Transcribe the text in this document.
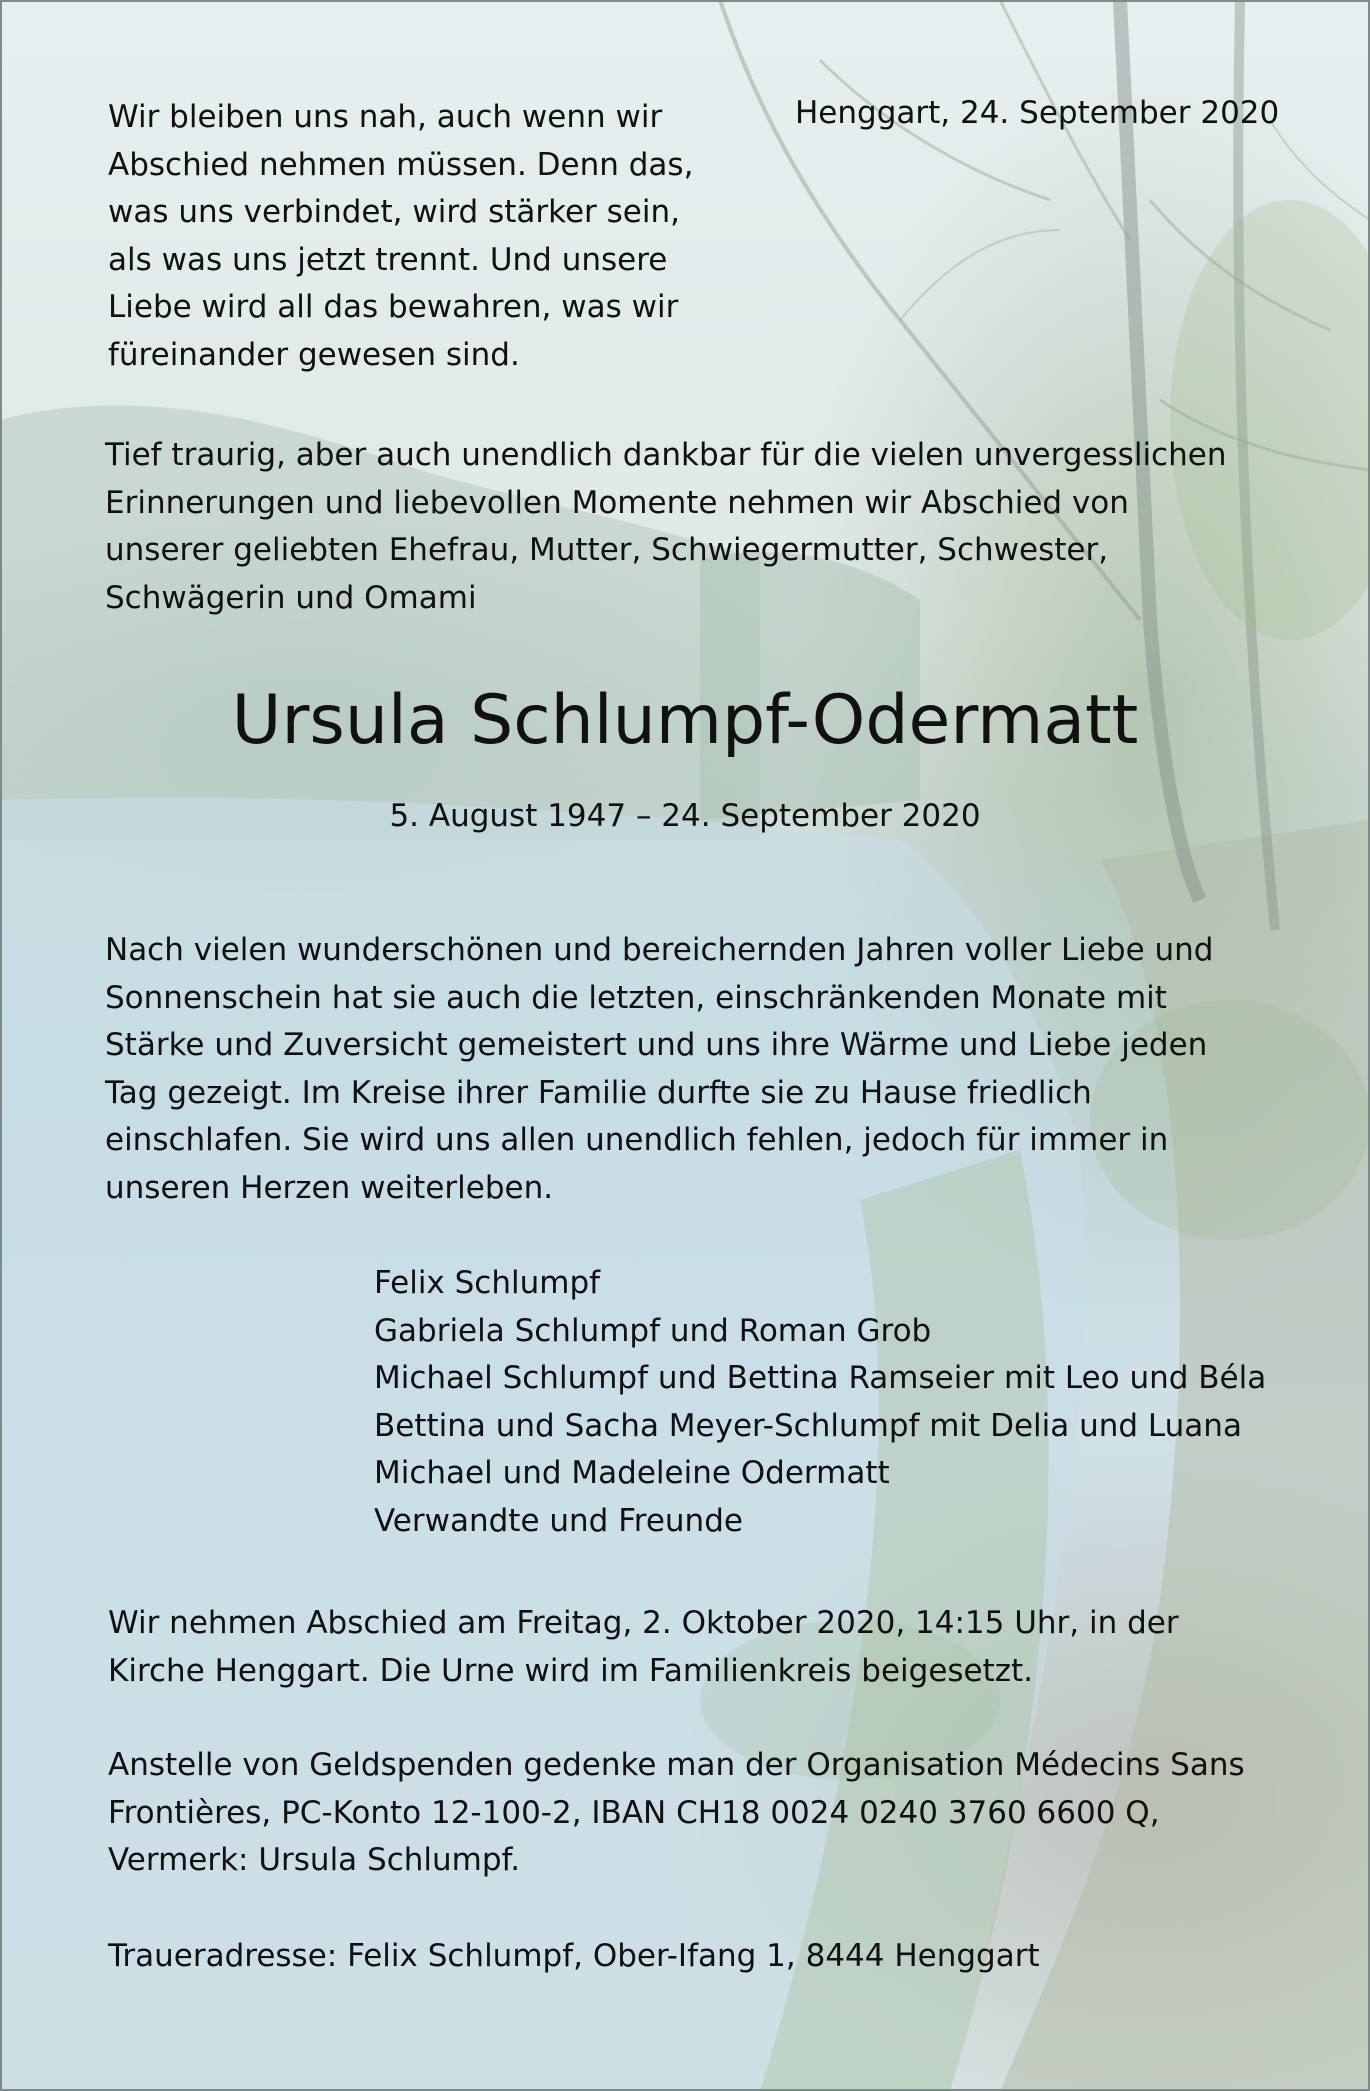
Wir bleiben uns nah, auch wenn wir
Abschied nehmen müssen. Denn das,
was uns verbindet, wird stärker sein,
als was uns jetzt trennt. Und unsere
Liebe wird all das bewahren, was wir
füreinander gewesen sind.
Henggart, 24. September 2020
Tief traurig, aber auch unendlich dankbar für die vielen unvergesslichen
Erinnerungen und liebevollen Momente nehmen wir Abschied von
unserer geliebten Ehefrau, Mutter, Schwiegermutter, Schwester,
Schwägerin und Omami
Ursula Schlumpf-Odermatt
5. August 1947 – 24. September 2020
Nach vielen wunderschönen und bereichernden Jahren voller Liebe und
Sonnenschein hat sie auch die letzten, einschränkenden Monate mit
Stärke und Zuversicht gemeistert und uns ihre Wärme und Liebe jeden
Tag gezeigt. Im Kreise ihrer Familie durfte sie zu Hause friedlich
einschlafen. Sie wird uns allen unendlich fehlen, jedoch für immer in
unseren Herzen weiterleben.
Felix Schlumpf
Gabriela Schlumpf und Roman Grob
Michael Schlumpf und Bettina Ramseier mit Leo und Béla
Bettina und Sacha Meyer-Schlumpf mit Delia und Luana
Michael und Madeleine Odermatt
Verwandte und Freunde
Wir nehmen Abschied am Freitag, 2. Oktober 2020, 14:15 Uhr, in der
Kirche Henggart. Die Urne wird im Familienkreis beigesetzt.
Anstelle von Geldspenden gedenke man der Organisation Médecins Sans
Frontières, PC-Konto 12-100-2, IBAN CH18 0024 0240 3760 6600 Q,
Vermerk: Ursula Schlumpf.
Traueradresse: Felix Schlumpf, Ober-Ifang 1, 8444 Henggart
